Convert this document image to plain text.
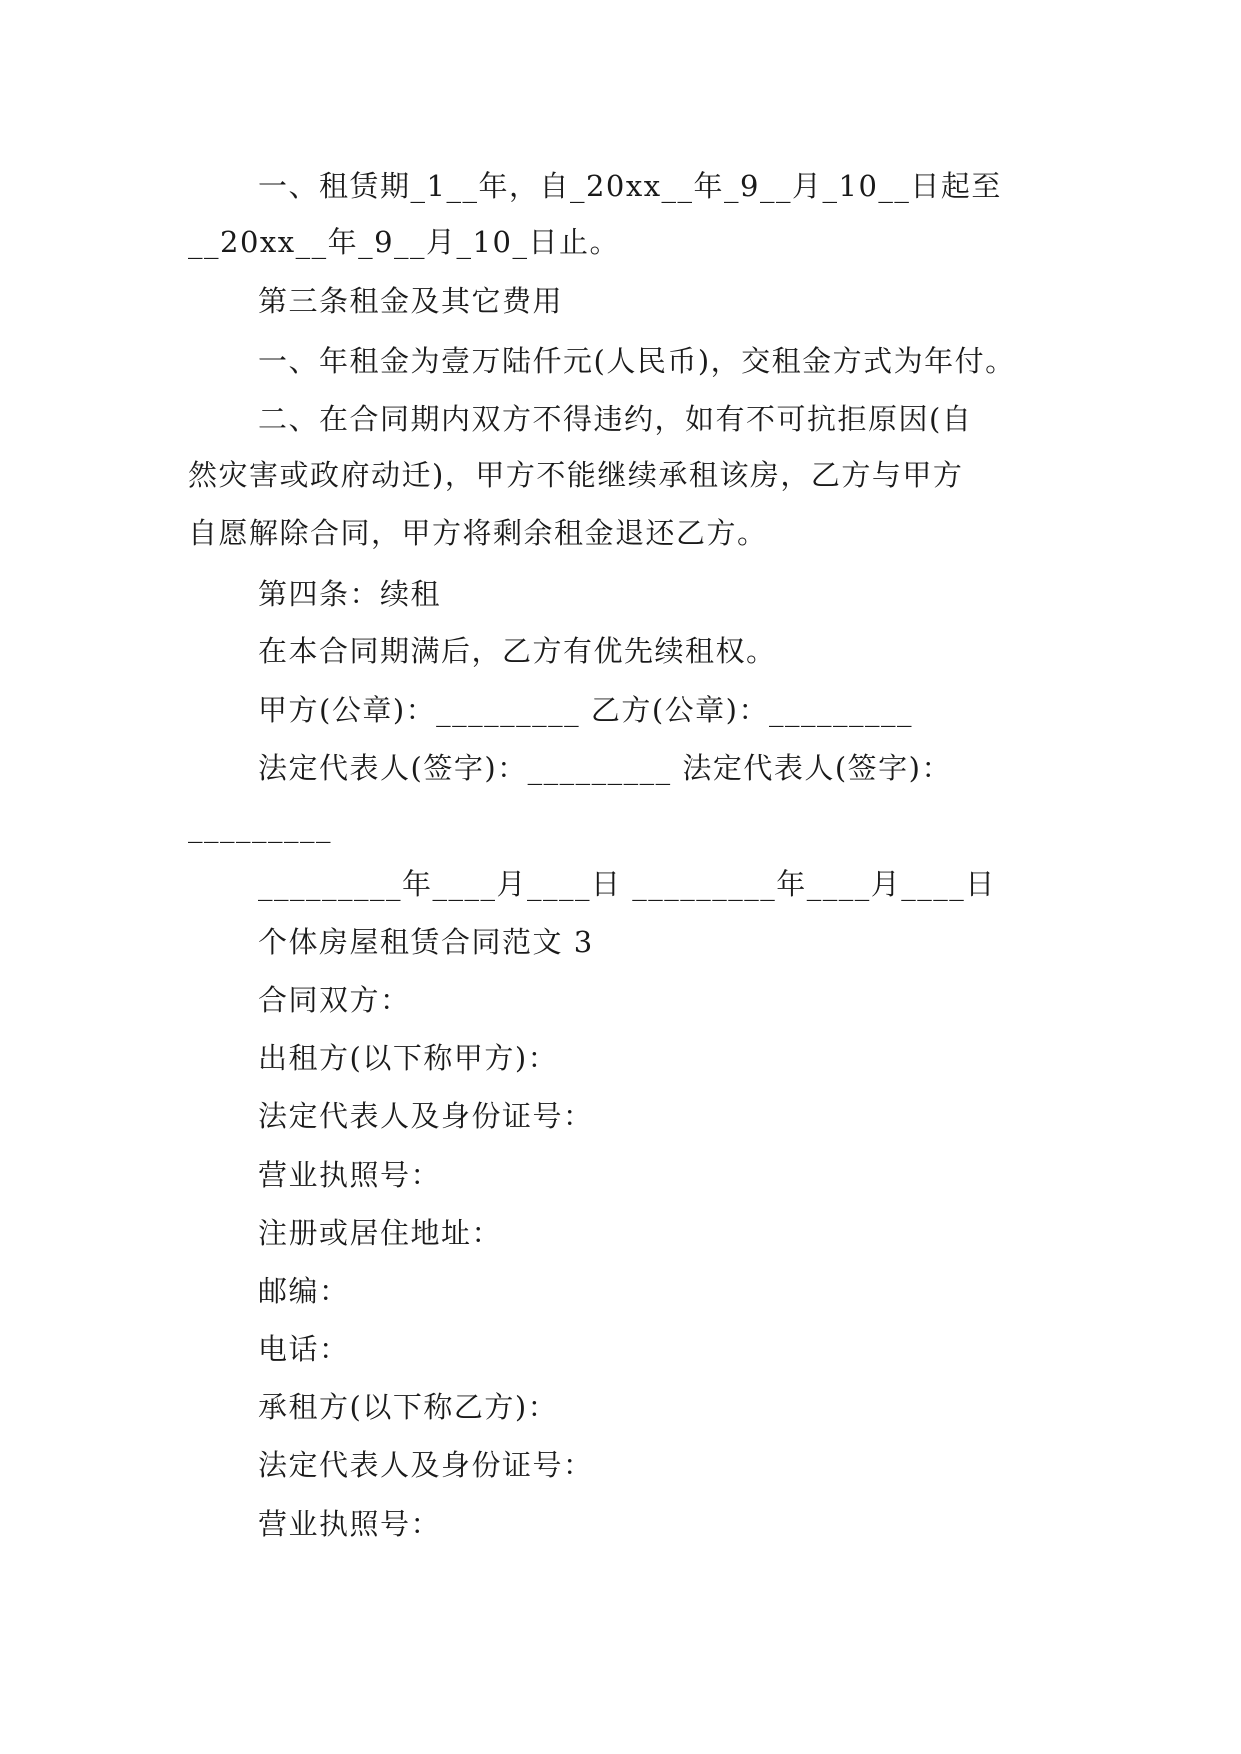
一、租赁期_1__年，自_20xx__年_9__月_10__日起至
__20xx__年_9__月_10_日止。
第三条租金及其它费用
一、年租金为壹万陆仟元(人民币)，交租金方式为年付。
二、在合同期内双方不得违约，如有不可抗拒原因(自
然灾害或政府动迁)，甲方不能继续承租该房，乙方与甲方
自愿解除合同，甲方将剩余租金退还乙方。
第四条：续租
在本合同期满后，乙方有优先续租权。
甲方(公章)：_________ 乙方(公章)：_________
法定代表人(签字)：_________ 法定代表人(签字)：
_________
_________年____月____日 _________年____月____日
个体房屋租赁合同范文 3
合同双方：
出租方(以下称甲方)：
法定代表人及身份证号：
营业执照号：
注册或居住地址：
邮编：
电话：
承租方(以下称乙方)：
法定代表人及身份证号：
营业执照号：
